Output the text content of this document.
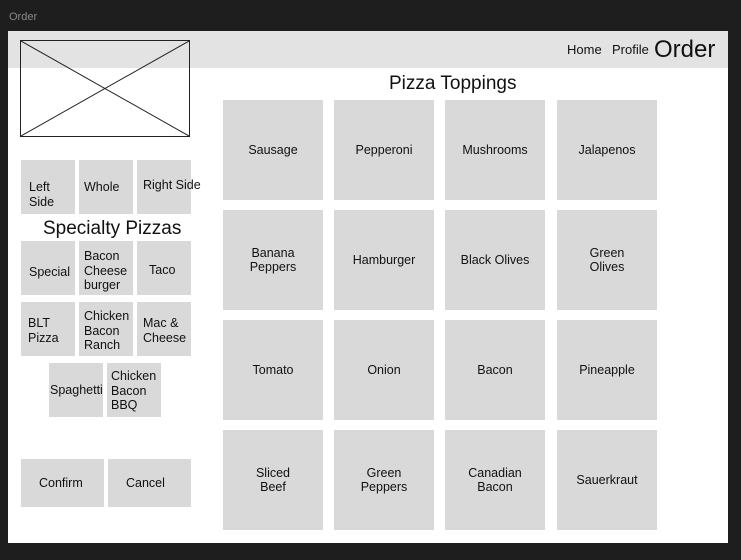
Order
Home Profile Order
Left
Side
Whole Right Side
Specialty Pizzas
Special
Bacon
Cheese
burger
Taco
BLT
Pizza
Chicken
Bacon
Ranch
Mac &
Cheese
Spaghetti
Chicken
Bacon
BBQ
Confirm	Cancel
Pizza Toppings
Sausage	Pepperoni	Mushrooms	Jalapenos
Banana
Peppers
Hamburger	Black Olives
Green
Olives
Tomato	Onion	Bacon	Pineapple
Sliced
Beef
Green
Peppers
Canadian
Bacon
Sauerkraut
